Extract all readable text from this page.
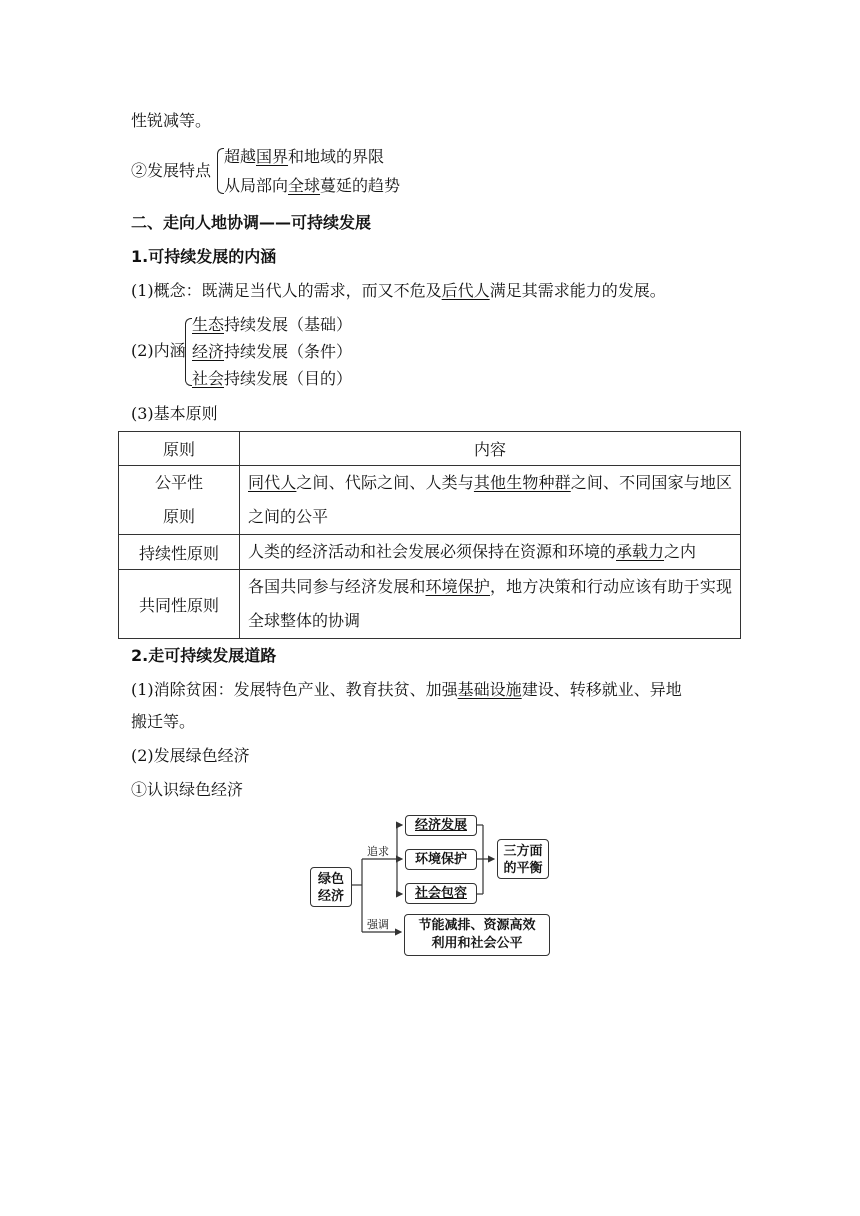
性锐减等。
②发展特点
超越国界和地域的界限
从局部向全球蔓延的趋势
二、走向人地协调——可持续发展
1.可持续发展的内涵
(1)概念：既满足当代人的需求，而又不危及后代人满足其需求能力的发展。
(2)内涵
生态持续发展（基础）
经济持续发展（条件）
社会持续发展（目的）
(3)基本原则
原则	内容
公平性
原则	同代人之间、代际之间、人类与其他生物种群之间、不同国家与地区之间的公平
持续性原则	人类的经济活动和社会发展必须保持在资源和环境的承载力之内
共同性原则	各国共同参与经济发展和环境保护，地方决策和行动应该有助于实现全球整体的协调
2.走可持续发展道路
(1)消除贫困：发展特色产业、教育扶贫、加强基础设施建设、转移就业、异地
搬迁等。
(2)发展绿色经济
①认识绿色经济
绿色
经济
追求
强调
经济发展
环境保护
社会包容
三方面
的平衡
节能减排、资源高效
利用和社会公平
